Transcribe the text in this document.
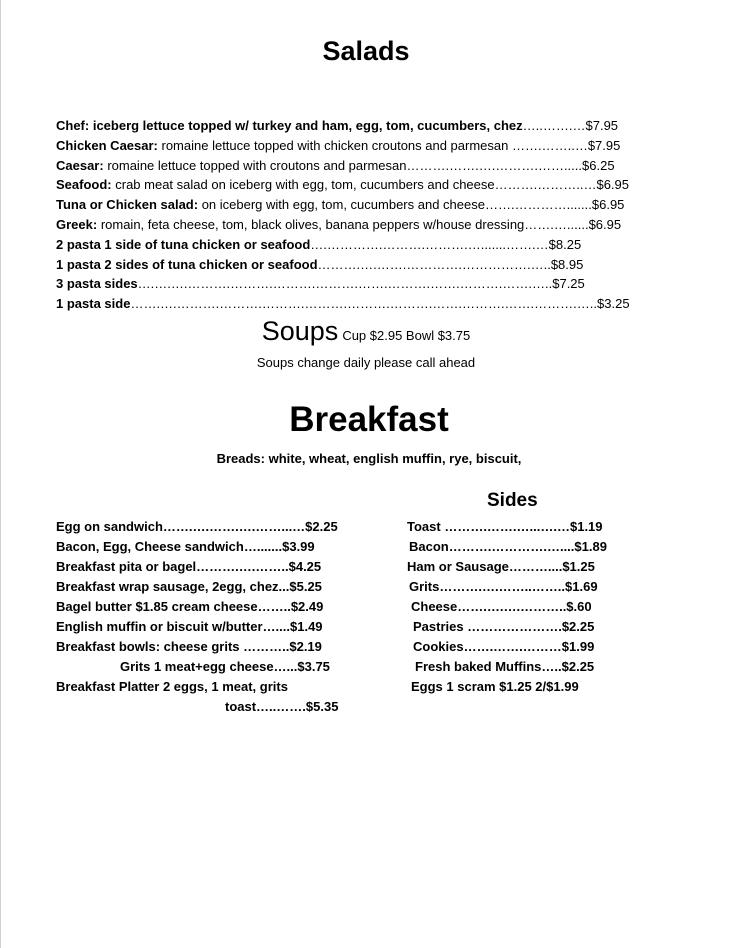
Salads
Chef: iceberg lettuce topped w/ turkey and ham, egg, tom, cucumbers, chez…..…….…$7.95
Chicken Caesar: romaine lettuce topped with chicken croutons and parmesan …….……..…$7.95
Caesar: romaine lettuce topped with croutons and parmesan……….…….….……….…….....$6.25
Seafood: crab meat salad on iceberg with egg, tom, cucumbers and cheese……….………..…$6.95
Tuna or Chicken salad: on iceberg with egg, tom, cucumbers and cheese…….………….......$6.95
Greek: romain, feta cheese, tom, black olives, banana peppers w/house dressing…….…......$6.95
2 pasta 1 side of tuna chicken or seafood….………….……….……….….......…….…$8.25
1 pasta 2 sides of tuna chicken or seafood……….….…….………….…………….…..$8.95
3 pasta sides….….….……….……….……….……….…….……….…….……….…….…..$7.25
1 pasta side…….….……….……….……….……….……….……….…….……….…….……….…..$3.25
Soups Cup $2.95 Bowl $3.75
Soups change daily please call ahead
Breakfast
Breads: white, wheat, english muffin, rye, biscuit,
Sides
Egg on sandwich…….….…….….……...…$2.25
Bacon, Egg, Cheese sandwich….......$3.99
Breakfast pita or bagel……….….……..$4.25
Breakfast wrap sausage, 2egg, chez...$5.25
Bagel butter $1.85 cream cheese……..$2.49
English muffin or biscuit w/butter…....$1.49
Breakfast bowls: cheese grits ………..$2.19
Grits 1 meat+egg cheese…...$3.75
Breakfast Platter 2 eggs, 1 meat, grits
toast…..…….$5.35
Toast ……….…….…...….…$1.19
Bacon……….………….…....$1.89
Ham or Sausage………....$1.25
Grits……….….……..……..$1.69
Cheese…….….….………..$.60
Pastries ………………….$2.25
Cookies…….…….………$1.99
Fresh baked Muffins…..$2.25
Eggs 1 scram $1.25 2/$1.99
